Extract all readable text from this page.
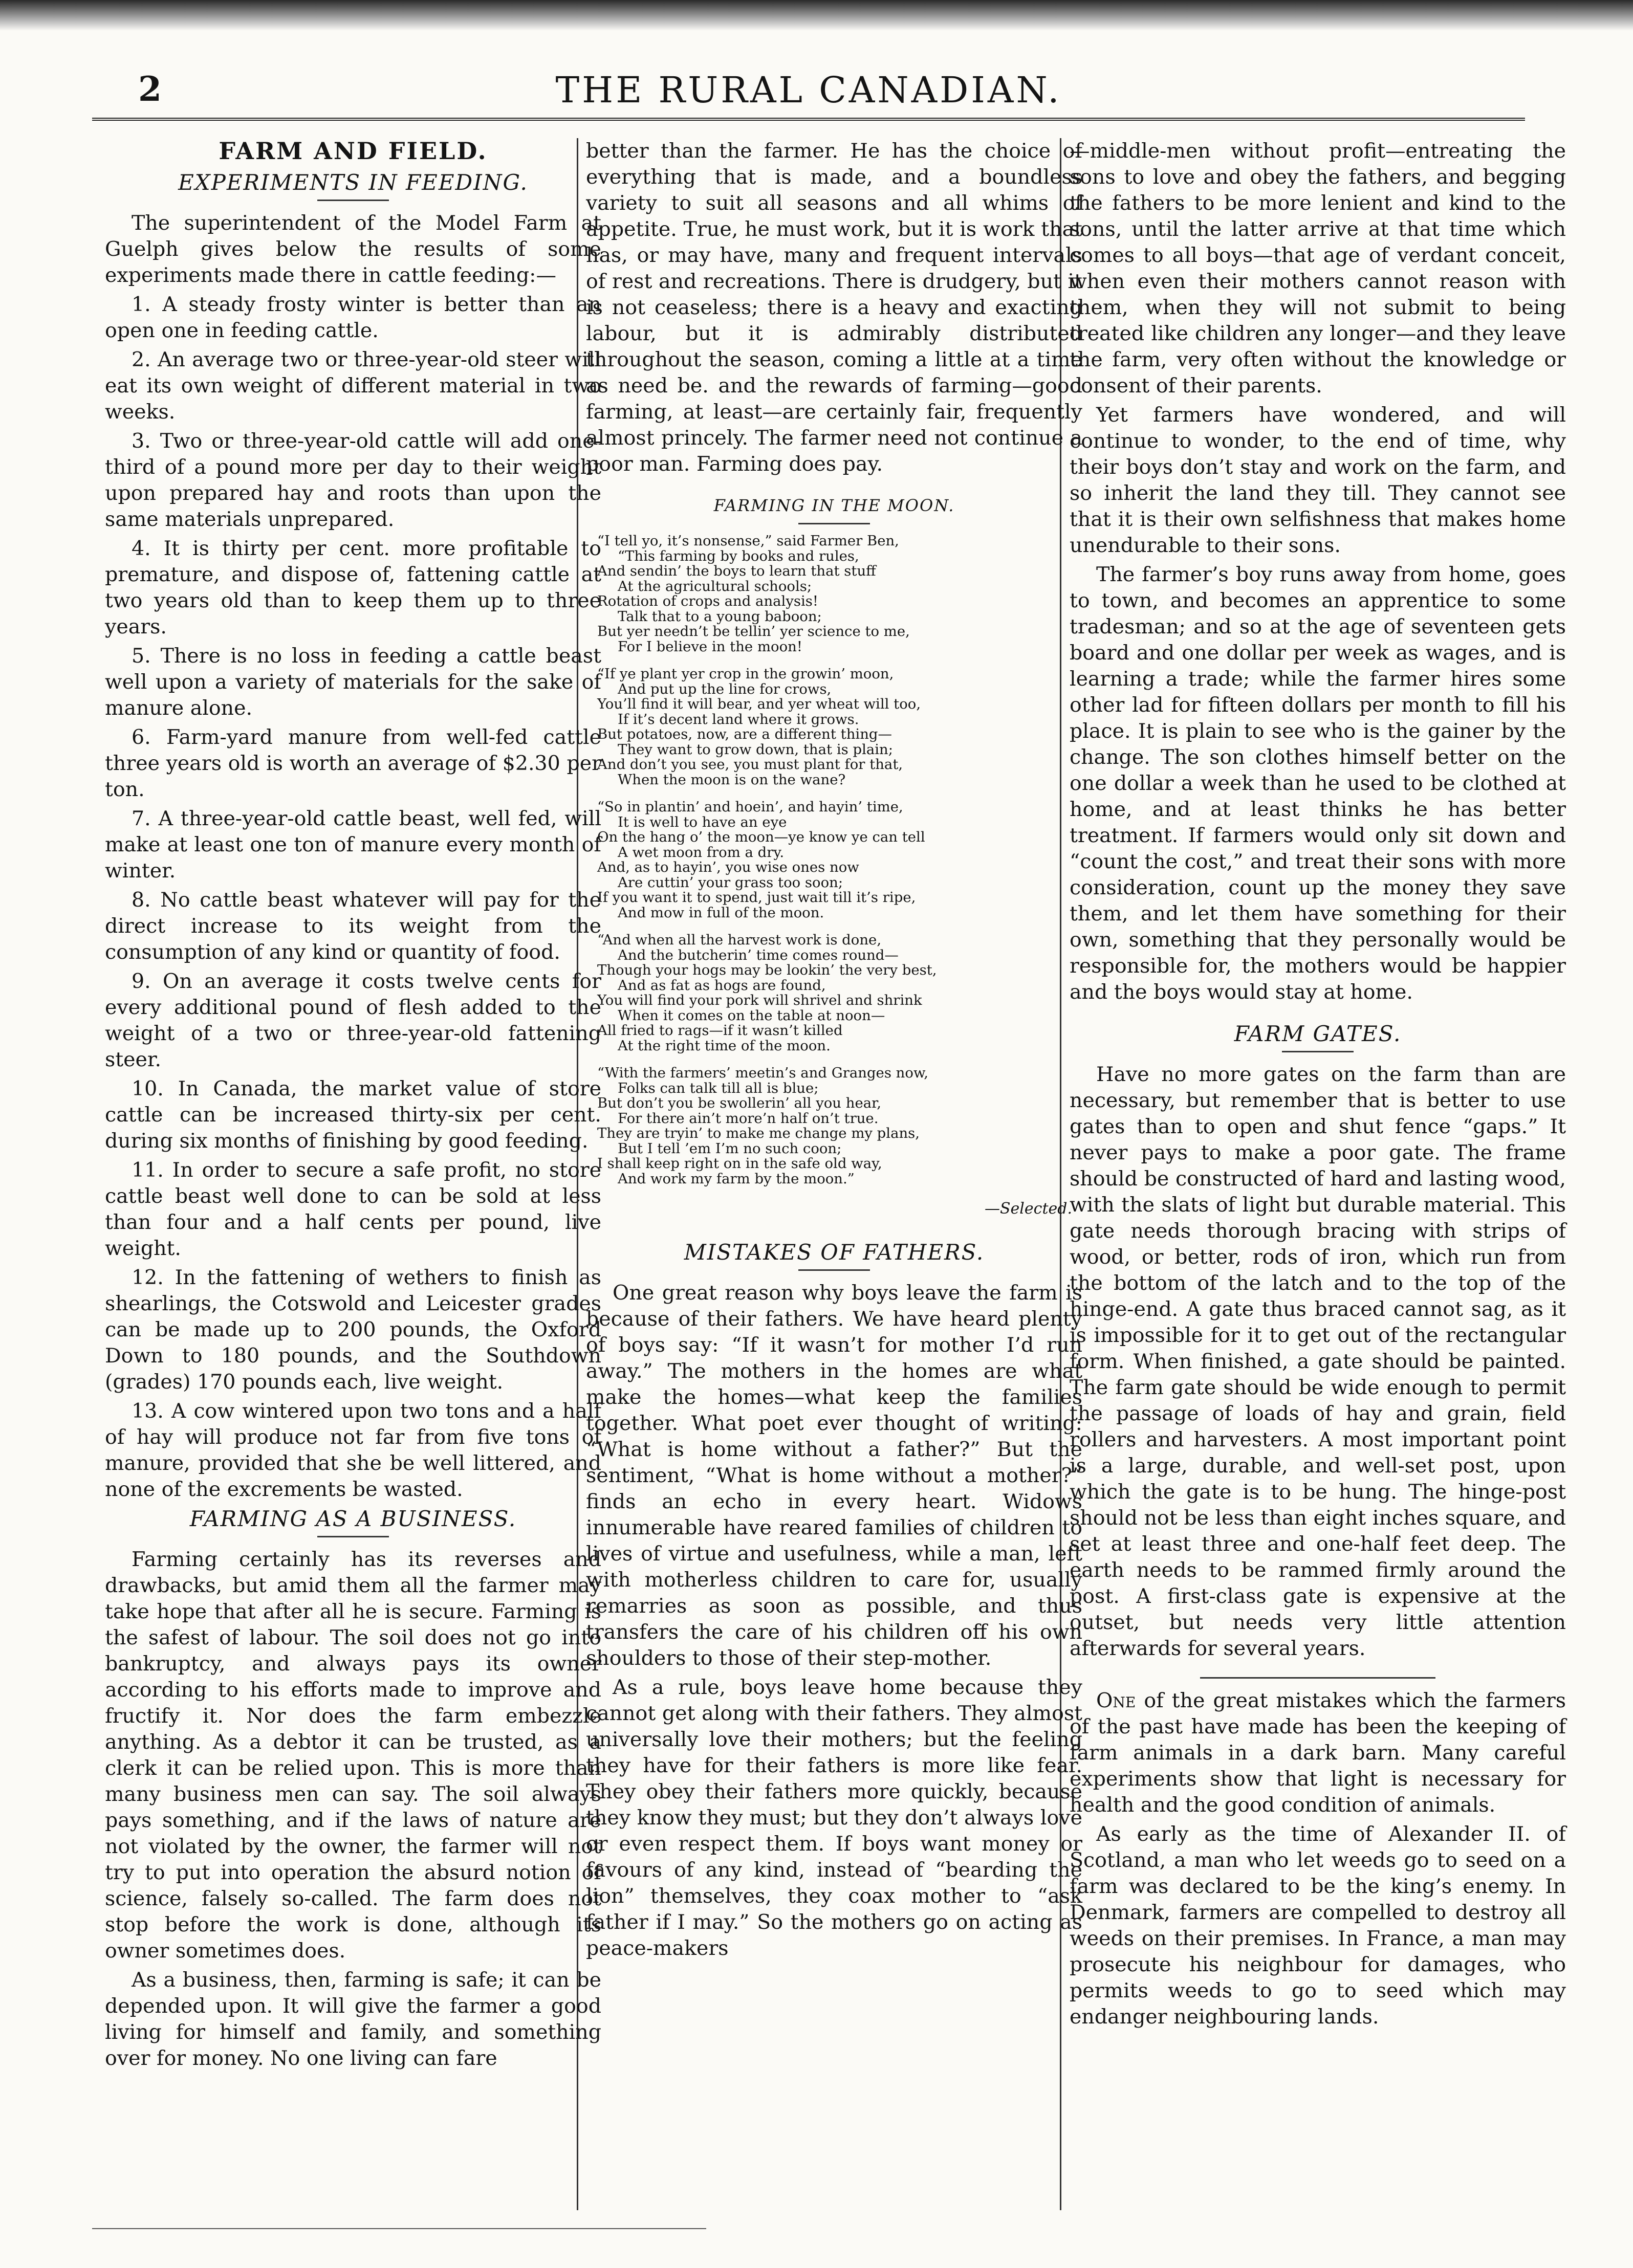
2	THE RURAL CANADIAN.
FARM AND FIELD.
EXPERIMENTS IN FEEDING.

The superintendent of the Model Farm at Guelph gives below the results of some experiments made there in cattle feeding:—

1. A steady frosty winter is better than an open one in feeding cattle.

2. An average two or three-year-old steer will eat its own weight of different material in two weeks.

3. Two or three-year-old cattle will add one-third of a pound more per day to their weight upon prepared hay and roots than upon the same materials unprepared.

4. It is thirty per cent. more profitable to premature, and dispose of, fattening cattle at two years old than to keep them up to three years.

5. There is no loss in feeding a cattle beast well upon a variety of materials for the sake of manure alone.

6. Farm-yard manure from well-fed cattle three years old is worth an average of $2.30 per ton.

7. A three-year-old cattle beast, well fed, will make at least one ton of manure every month of winter.

8. No cattle beast whatever will pay for the direct increase to its weight from the consumption of any kind or quantity of food.

9. On an average it costs twelve cents for every additional pound of flesh added to the weight of a two or three-year-old fattening steer.

10. In Canada, the market value of store cattle can be increased thirty-six per cent. during six months of finishing by good feeding.

11. In order to secure a safe profit, no store cattle beast well done to can be sold at less than four and a half cents per pound, live weight.

12. In the fattening of wethers to finish as shearlings, the Cotswold and Leicester grades can be made up to 200 pounds, the Oxford Down to 180 pounds, and the Southdown (grades) 170 pounds each, live weight.

13. A cow wintered upon two tons and a half of hay will produce not far from five tons of manure, provided that she be well littered, and none of the excrements be wasted.

FARMING AS A BUSINESS.

Farming certainly has its reverses and drawbacks, but amid them all the farmer may take hope that after all he is secure. Farming is the safest of labour. The soil does not go into bankruptcy, and always pays its owner according to his efforts made to improve and fructify it. Nor does the farm embezzle anything. As a debtor it can be trusted, as a clerk it can be relied upon. This is more than many business men can say. The soil always pays something, and if the laws of nature are not violated by the owner, the farmer will not try to put into operation the absurd notion of science, falsely so-called. The farm does not stop before the work is done, although its owner sometimes does.

As a business, then, farming is safe; it can be depended upon. It will give the farmer a good living for himself and family, and something over for money. No one living can fare

better than the farmer. He has the choice of everything that is made, and a boundless variety to suit all seasons and all whims of appetite. True, he must work, but it is work that has, or may have, many and frequent intervals of rest and recreations. There is drudgery, but it is not ceaseless; there is a heavy and exacting labour, but it is admirably distributed throughout the season, coming a little at a time as need be. and the rewards of farming—good farming, at least—are certainly fair, frequently almost princely. The farmer need not continue a poor man. Farming does pay.

FARMING IN THE MOON.
“I tell yo, it’s nonsense,” said Farmer Ben,
“This farming by books and rules,
And sendin’ the boys to learn that stuff
At the agricultural schools;
Rotation of crops and analysis!
Talk that to a young baboon;
But yer needn’t be tellin’ yer science to me,
For I believe in the moon!
“If ye plant yer crop in the growin’ moon,
And put up the line for crows,
You’ll find it will bear, and yer wheat will too,
If it’s decent land where it grows.
But potatoes, now, are a different thing—
They want to grow down, that is plain;
And don’t you see, you must plant for that,
When the moon is on the wane?
“So in plantin’ and hoein’, and hayin’ time,
It is well to have an eye
On the hang o’ the moon—ye know ye can tell
A wet moon from a dry.
And, as to hayin’, you wise ones now
Are cuttin’ your grass too soon;
If you want it to spend, just wait till it’s ripe,
And mow in full of the moon.
“And when all the harvest work is done,
And the butcherin’ time comes round—
Though your hogs may be lookin’ the very best,
And as fat as hogs are found,
You will find your pork will shrivel and shrink
When it comes on the table at noon—
All fried to rags—if it wasn’t killed
At the right time of the moon.
“With the farmers’ meetin’s and Granges now,
Folks can talk till all is blue;
But don’t you be swollerin’ all you hear,
For there ain’t more’n half on’t true.
They are tryin’ to make me change my plans,
But I tell ’em I’m no such coon;
I shall keep right on in the safe old way,
And work my farm by the moon.”
—Selected.
MISTAKES OF FATHERS.

One great reason why boys leave the farm is because of their fathers. We have heard plenty of boys say: “If it wasn’t for mother I’d run away.” The mothers in the homes are what make the homes—what keep the families together. What poet ever thought of writing: “What is home without a father?” But the sentiment, “What is home without a mother?” finds an echo in every heart. Widows innumerable have reared families of children to lives of virtue and usefulness, while a man, left with motherless children to care for, usually remarries as soon as possible, and thus transfers the care of his children off his own shoulders to those of their step-mother.

As a rule, boys leave home because they cannot get along with their fathers. They almost universally love their mothers; but the feeling they have for their fathers is more like fear. They obey their fathers more quickly, because they know they must; but they don’t always love or even respect them. If boys want money or favours of any kind, instead of “bearding the lion” themselves, they coax mother to “ask father if I may.” So the mothers go on acting as peace-makers

—middle-men without profit—entreating the sons to love and obey the fathers, and begging the fathers to be more lenient and kind to the sons, until the latter arrive at that time which comes to all boys—that age of verdant conceit, when even their mothers cannot reason with them, when they will not submit to being treated like children any longer—and they leave the farm, very often without the knowledge or consent of their parents.

Yet farmers have wondered, and will continue to wonder, to the end of time, why their boys don’t stay and work on the farm, and so inherit the land they till. They cannot see that it is their own selfishness that makes home unendurable to their sons.

The farmer’s boy runs away from home, goes to town, and becomes an apprentice to some tradesman; and so at the age of seventeen gets board and one dollar per week as wages, and is learning a trade; while the farmer hires some other lad for fifteen dollars per month to fill his place. It is plain to see who is the gainer by the change. The son clothes himself better on the one dollar a week than he used to be clothed at home, and at least thinks he has better treatment. If farmers would only sit down and “count the cost,” and treat their sons with more consideration, count up the money they save them, and let them have something for their own, something that they personally would be responsible for, the mothers would be happier and the boys would stay at home.

FARM GATES.

Have no more gates on the farm than are necessary, but remember that is better to use gates than to open and shut fence “gaps.” It never pays to make a poor gate. The frame should be constructed of hard and lasting wood, with the slats of light but durable material. This gate needs thorough bracing with strips of wood, or better, rods of iron, which run from the bottom of the latch and to the top of the hinge-end. A gate thus braced cannot sag, as it is impossible for it to get out of the rectangular form. When finished, a gate should be painted. The farm gate should be wide enough to permit the passage of loads of hay and grain, field rollers and harvesters. A most important point is a large, durable, and well-set post, upon which the gate is to be hung. The hinge-post should not be less than eight inches square, and set at least three and one-half feet deep. The earth needs to be rammed firmly around the post. A first-class gate is expensive at the outset, but needs very little attention afterwards for several years.

One of the great mistakes which the farmers of the past have made has been the keeping of farm animals in a dark barn. Many careful experiments show that light is necessary for health and the good condition of animals.

As early as the time of Alexander II. of Scotland, a man who let weeds go to seed on a farm was declared to be the king’s enemy. In Denmark, farmers are compelled to destroy all weeds on their premises. In France, a man may prosecute his neighbour for damages, who permits weeds to go to seed which may endanger neighbouring lands.
